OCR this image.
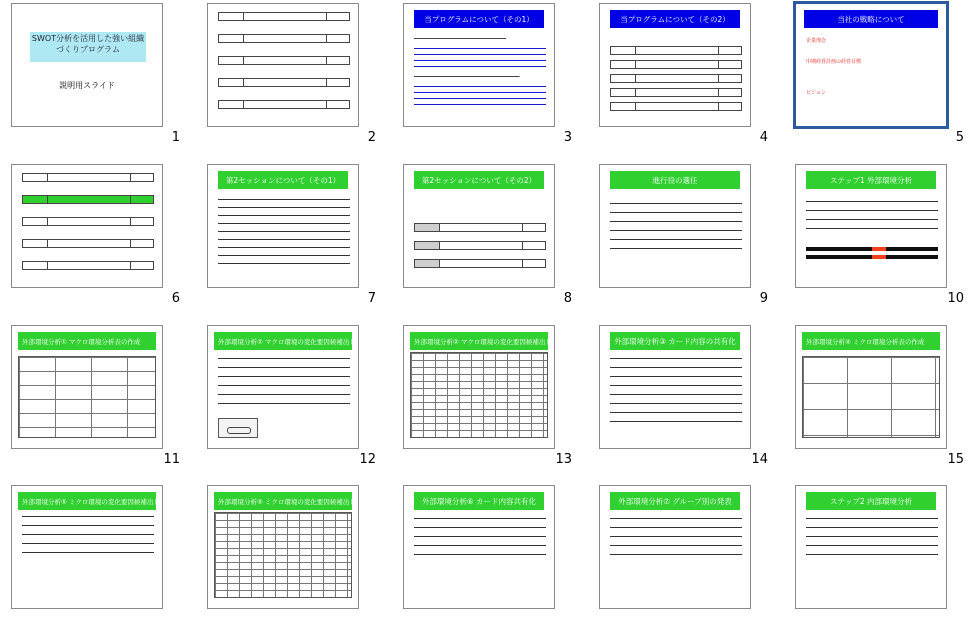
SWOT分析を活用した強い組織づくりプログラム
説明用スライド
1	2
当プログラムについて（その1）
3
当プログラムについて（その2）
4
当社の戦略について
企業理念
中期経営計画の経営目標
ビジョン
5
6
第2セッションについて（その1）
7
第2セッションについて（その2）
8
進行役の選任
9
ステップ1 外部環境分析
10
外部環境分析① マクロ環境分析表の作成
11
外部環境分析② マクロ環境の変化要因候補出し（その1）
12
外部環境分析② マクロ環境の変化要因候補出し（その2）
13
外部環境分析③ カード内容の共有化
14
外部環境分析④ ミクロ環境分析表の作成
15
外部環境分析⑤ ミクロ環境の変化要因候補出し（その1）	外部環境分析⑤ ミクロ環境の変化要因候補出し（その2）	外部環境分析⑥ カード内容共有化	外部環境分析⑦ グループ別の発表	ステップ2 内部環境分析
